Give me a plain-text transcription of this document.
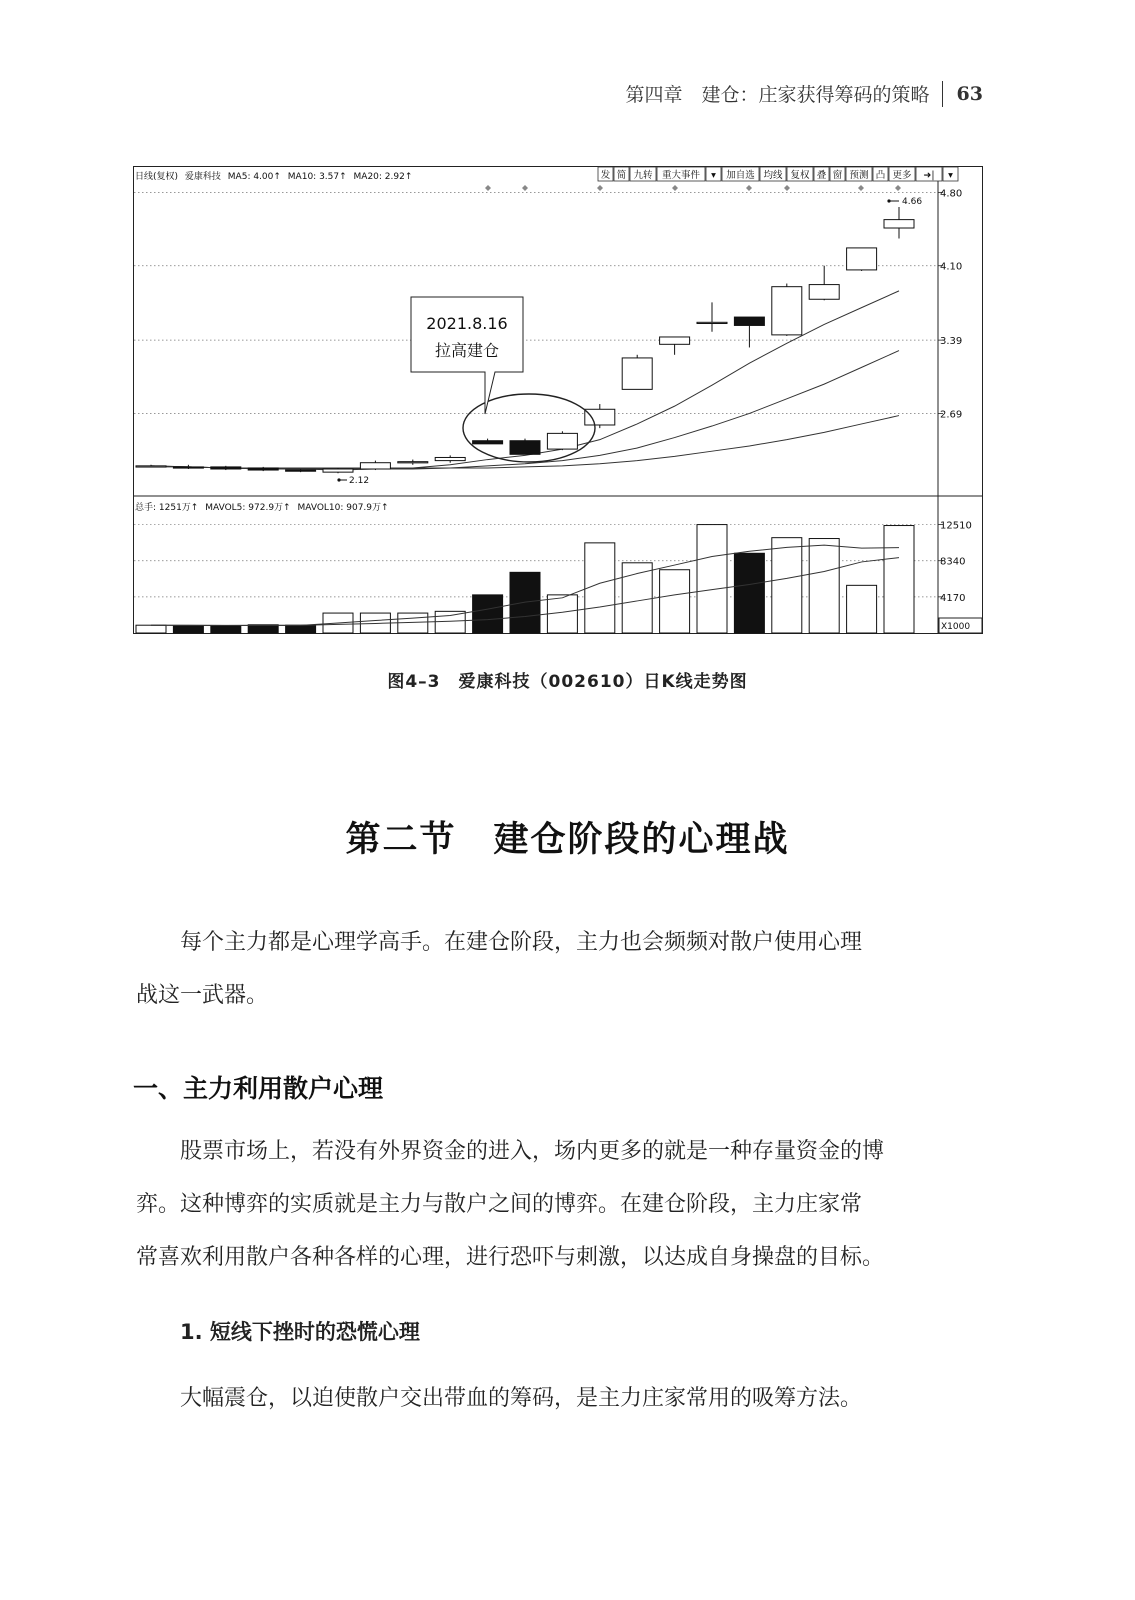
第四章　建仓：庄家获得筹码的策略 63
日线(复权) 爱康科技 MA5: 4.00↑ MA10: 3.57↑ MA20: 2.92↑	发 简 九转 重大事件 ▾ 加自选 均线 复权 叠 窗 预测 凸 更多 ➜| ▾
4.80
4.10
3.39
2.69
12510
8340
4170
4.66
2.12
2021.8.16
拉高建仓
总手: 1251万↑ MAVOL5: 972.9万↑ MAVOL10: 907.9万↑
X1000
图4–3　爱康科技（002610）日K线走势图
第二节　建仓阶段的心理战
每个主力都是心理学高手。在建仓阶段，主力也会频频对散户使用心理
战这一武器。
一、主力利用散户心理
股票市场上，若没有外界资金的进入，场内更多的就是一种存量资金的博
弈。这种博弈的实质就是主力与散户之间的博弈。在建仓阶段，主力庄家常
常喜欢利用散户各种各样的心理，进行恐吓与刺激，以达成自身操盘的目标。
1. 短线下挫时的恐慌心理
大幅震仓，以迫使散户交出带血的筹码，是主力庄家常用的吸筹方法。
